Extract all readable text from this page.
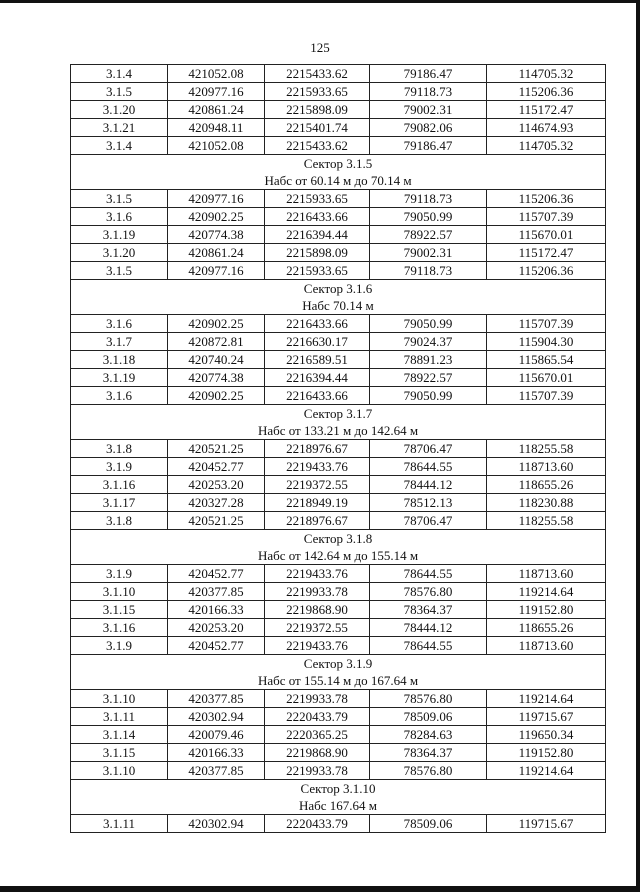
125
3.1.4	421052.08	2215433.62	79186.47	114705.32
3.1.5	420977.16	2215933.65	79118.73	115206.36
3.1.20	420861.24	2215898.09	79002.31	115172.47
3.1.21	420948.11	2215401.74	79082.06	114674.93
3.1.4	421052.08	2215433.62	79186.47	114705.32
Сектор 3.1.5				
Набс от 60.14 м до 70.14 м				
3.1.5	420977.16	2215933.65	79118.73	115206.36
3.1.6	420902.25	2216433.66	79050.99	115707.39
3.1.19	420774.38	2216394.44	78922.57	115670.01
3.1.20	420861.24	2215898.09	79002.31	115172.47
3.1.5	420977.16	2215933.65	79118.73	115206.36
Сектор 3.1.6				
Набс 70.14 м				
3.1.6	420902.25	2216433.66	79050.99	115707.39
3.1.7	420872.81	2216630.17	79024.37	115904.30
3.1.18	420740.24	2216589.51	78891.23	115865.54
3.1.19	420774.38	2216394.44	78922.57	115670.01
3.1.6	420902.25	2216433.66	79050.99	115707.39
Сектор 3.1.7				
Набс от 133.21 м до 142.64 м				
3.1.8	420521.25	2218976.67	78706.47	118255.58
3.1.9	420452.77	2219433.76	78644.55	118713.60
3.1.16	420253.20	2219372.55	78444.12	118655.26
3.1.17	420327.28	2218949.19	78512.13	118230.88
3.1.8	420521.25	2218976.67	78706.47	118255.58
Сектор 3.1.8				
Набс от 142.64 м до 155.14 м				
3.1.9	420452.77	2219433.76	78644.55	118713.60
3.1.10	420377.85	2219933.78	78576.80	119214.64
3.1.15	420166.33	2219868.90	78364.37	119152.80
3.1.16	420253.20	2219372.55	78444.12	118655.26
3.1.9	420452.77	2219433.76	78644.55	118713.60
Сектор 3.1.9				
Набс от 155.14 м до 167.64 м				
3.1.10	420377.85	2219933.78	78576.80	119214.64
3.1.11	420302.94	2220433.79	78509.06	119715.67
3.1.14	420079.46	2220365.25	78284.63	119650.34
3.1.15	420166.33	2219868.90	78364.37	119152.80
3.1.10	420377.85	2219933.78	78576.80	119214.64
Сектор 3.1.10				
Набс 167.64 м				
3.1.11	420302.94	2220433.79	78509.06	119715.67
